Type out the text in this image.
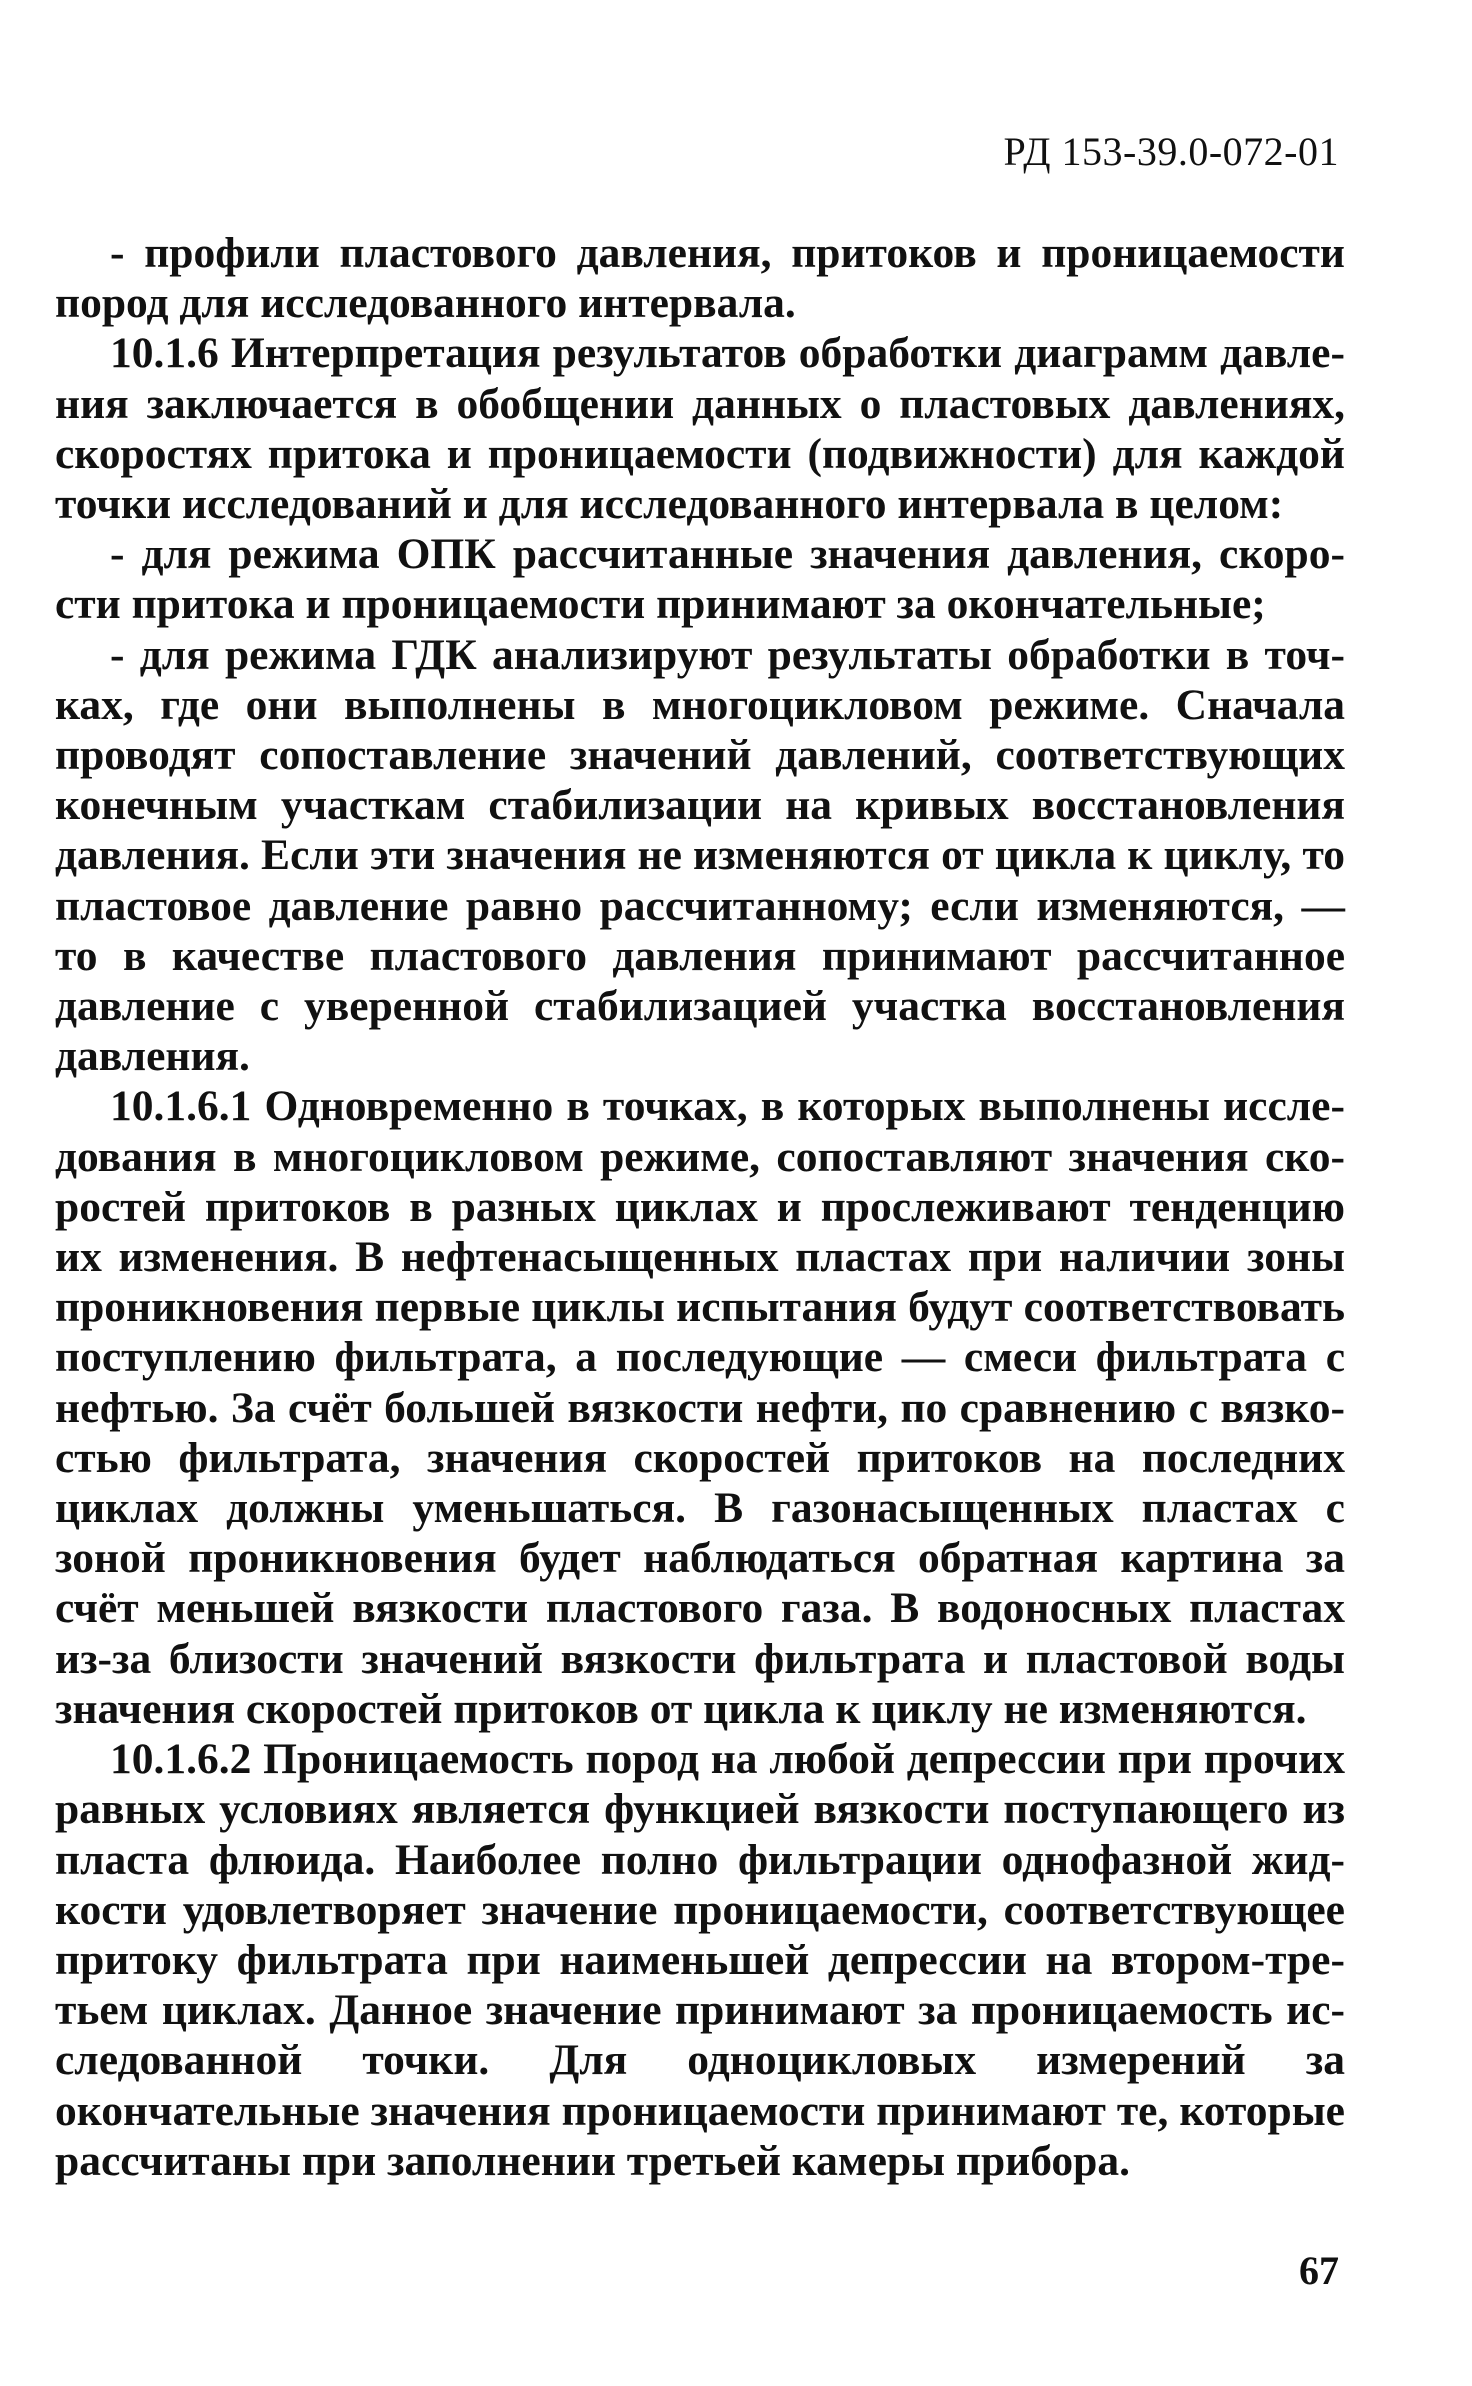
РД 153-39.0-072-01

- профили пластового давления, притоков и проницаемости пород для исследованного интервала.

10.1.6 Интерпретация результатов обработки диаграмм давления заключается в обобщении данных о пластовых давлениях, скоростях притока и проницаемости (подвижности) для каждой точки исследований и для исследованного интервала в целом:

- для режима ОПК рассчитанные значения давления, скорости притока и проницаемости принимают за окончательные;

- для режима ГДК анализируют результаты обработки в точках, где они выполнены в многоцикловом режиме. Сначала проводят сопоставление значений давлений, соответствующих конечным участкам стабилизации на кривых восстановления давления. Если эти значения не изменяются от цикла к циклу, то пластовое давление равно рассчитанному; если изменяются, — то в качестве пластового давления принимают рассчитанное давление с уверенной стабилизацией участка восстановления давления.

10.1.6.1 Одновременно в точках, в которых выполнены исследования в многоцикловом режиме, сопоставляют значения скоростей притоков в разных циклах и прослеживают тенденцию их изменения. В нефтенасыщенных пластах при наличии зоны проникновения первые циклы испытания будут соответствовать поступлению фильтрата, а последующие — смеси фильтрата с нефтью. За счёт большей вязкости нефти, по сравнению с вязкостью фильтрата, значения скоростей притоков на последних циклах должны уменьшаться. В газонасыщенных пластах с зоной проникновения будет наблюдаться обратная картина за счёт меньшей вязкости пластового газа. В водоносных пластах из-за близости значений вязкости фильтрата и пластовой воды значения скоростей притоков от цикла к циклу не изменяются.

10.1.6.2 Проницаемость пород на любой депрессии при прочих равных условиях является функцией вязкости поступающего из пласта флюида. Наиболее полно фильтрации однофазной жидкости удовлетворяет значение проницаемости, соответствующее притоку фильтрата при наименьшей депрессии на втором-третьем циклах. Данное значение принимают за проницаемость исследованной точки. Для одноцикловых измерений за окончательные значения проницаемости принимают те, которые рассчитаны при заполнении третьей камеры прибора.

67
